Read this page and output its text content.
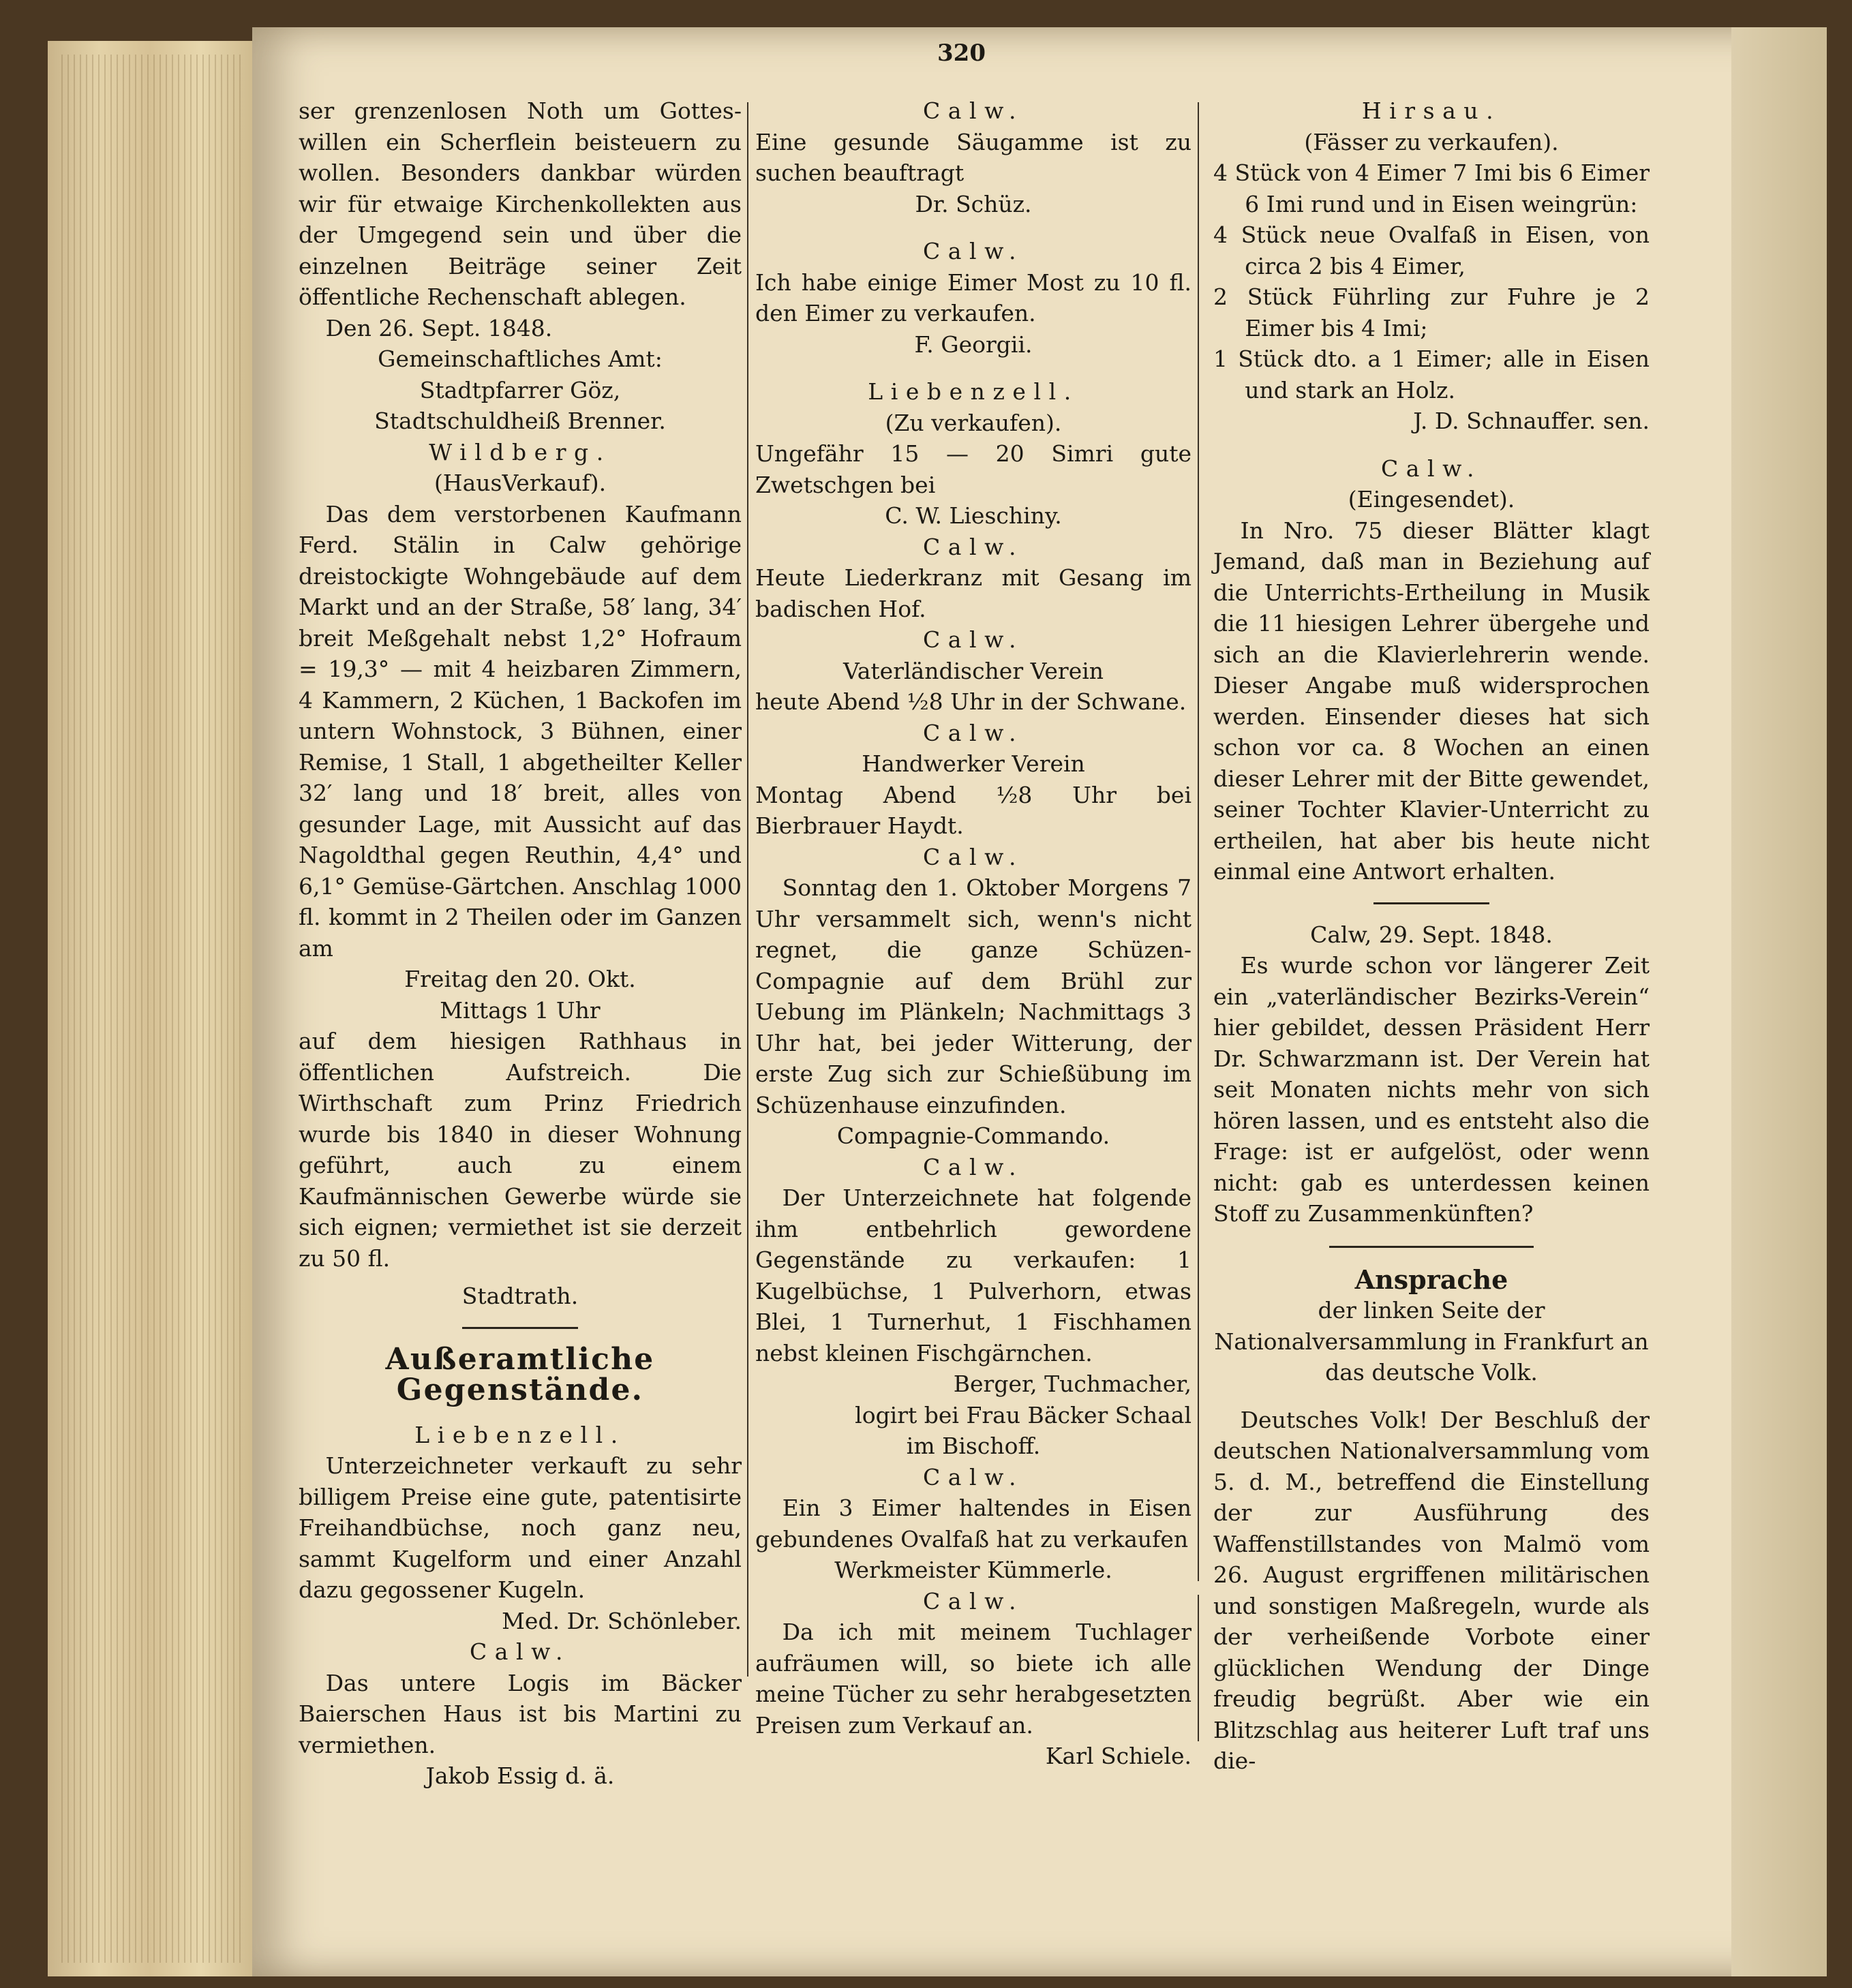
320

ser grenzenlosen Noth um Gottes-willen ein Scherflein beisteuern zu wollen. Besonders dankbar würden wir für etwaige Kirchenkollekten aus der Umgegend sein und über die einzelnen Beiträge seiner Zeit öffentliche Rechenschaft ablegen.

Den 26. Sept. 1848.

Gemeinschaftliches Amt:

Stadtpfarrer Göz,

Stadtschuldheiß Brenner.

Wildberg.

(HausVerkauf).

Das dem verstorbenen Kaufmann Ferd. Stälin in Calw gehörige dreistockigte Wohngebäude auf dem Markt und an der Straße, 58′ lang, 34′ breit Meßgehalt nebst 1,2° Hofraum = 19,3° — mit 4 heizbaren Zimmern, 4 Kammern, 2 Küchen, 1 Backofen im untern Wohnstock, 3 Bühnen, einer Remise, 1 Stall, 1 abgetheilter Keller 32′ lang und 18′ breit, alles von gesunder Lage, mit Aussicht auf das Nagoldthal gegen Reuthin, 4,4° und 6,1° Gemüse-Gärtchen. Anschlag 1000 fl. kommt in 2 Theilen oder im Ganzen am

Freitag den 20. Okt.

Mittags 1 Uhr

auf dem hiesigen Rathhaus in öffentlichen Aufstreich. Die Wirthschaft zum Prinz Friedrich wurde bis 1840 in dieser Wohnung geführt, auch zu einem Kaufmännischen Gewerbe würde sie sich eignen; vermiethet ist sie derzeit zu 50 fl.

Stadtrath.

Außeramtliche Gegenstände.

Liebenzell.

Unterzeichneter verkauft zu sehr billigem Preise eine gute, patentisirte Freihandbüchse, noch ganz neu, sammt Kugelform und einer Anzahl dazu gegossener Kugeln.

Med. Dr. Schönleber.

Calw.

Das untere Logis im Bäcker Baierschen Haus ist bis Martini zu vermiethen.

Jakob Essig d. ä.

Calw.

Eine gesunde Säugamme ist zu suchen beauftragt

Dr. Schüz.

Calw.

Ich habe einige Eimer Most zu 10 fl. den Eimer zu verkaufen.

F. Georgii.

Liebenzell.

(Zu verkaufen).

Ungefähr 15 — 20 Simri gute Zwetschgen bei

C. W. Lieschiny.

Calw.

Heute Liederkranz mit Gesang im badischen Hof.

Calw.

Vaterländischer Verein

heute Abend ½8 Uhr in der Schwane.

Calw.

Handwerker Verein

Montag Abend ½8 Uhr bei Bierbrauer Haydt.

Calw.

Sonntag den 1. Oktober Morgens 7 Uhr versammelt sich, wenn's nicht regnet, die ganze Schüzen-Compagnie auf dem Brühl zur Uebung im Plänkeln; Nachmittags 3 Uhr hat, bei jeder Witterung, der erste Zug sich zur Schießübung im Schüzenhause einzufinden.

Compagnie-Commando.

Calw.

Der Unterzeichnete hat folgende ihm entbehrlich gewordene Gegenstände zu verkaufen: 1 Kugelbüchse, 1 Pulverhorn, etwas Blei, 1 Turnerhut, 1 Fischhamen nebst kleinen Fischgärnchen.

Berger, Tuchmacher,

logirt bei Frau Bäcker Schaal

im Bischoff.

Calw.

Ein 3 Eimer haltendes in Eisen gebundenes Ovalfaß hat zu verkaufen

Werkmeister Kümmerle.

Calw.

Da ich mit meinem Tuchlager aufräumen will, so biete ich alle meine Tücher zu sehr herabgesetzten Preisen zum Verkauf an.

Karl Schiele.

Hirsau.

(Fässer zu verkaufen).

4 Stück von 4 Eimer 7 Imi bis 6 Eimer 6 Imi rund und in Eisen weingrün:

4 Stück neue Ovalfaß in Eisen, von circa 2 bis 4 Eimer,

2 Stück Führling zur Fuhre je 2 Eimer bis 4 Imi;

1 Stück dto. a 1 Eimer; alle in Eisen und stark an Holz.

J. D. Schnauffer. sen.

Calw.

(Eingesendet).

In Nro. 75 dieser Blätter klagt Jemand, daß man in Beziehung auf die Unterrichts-Ertheilung in Musik die 11 hiesigen Lehrer übergehe und sich an die Klavierlehrerin wende. Dieser Angabe muß widersprochen werden. Einsender dieses hat sich schon vor ca. 8 Wochen an einen dieser Lehrer mit der Bitte gewendet, seiner Tochter Klavier-Unterricht zu ertheilen, hat aber bis heute nicht einmal eine Antwort erhalten.

Calw, 29. Sept. 1848.

Es wurde schon vor längerer Zeit ein „vaterländischer Bezirks-Verein“ hier gebildet, dessen Präsident Herr Dr. Schwarzmann ist. Der Verein hat seit Monaten nichts mehr von sich hören lassen, und es entsteht also die Frage: ist er aufgelöst, oder wenn nicht: gab es unterdessen keinen Stoff zu Zusammenkünften?

Ansprache

der linken Seite der Nationalversammlung in Frankfurt an das deutsche Volk.

Deutsches Volk! Der Beschluß der deutschen Nationalversammlung vom 5. d. M., betreffend die Einstellung der zur Ausführung des Waffenstillstandes von Malmö vom 26. August ergriffenen militärischen und sonstigen Maßregeln, wurde als der verheißende Vorbote einer glücklichen Wendung der Dinge freudig begrüßt. Aber wie ein Blitzschlag aus heiterer Luft traf uns die-
